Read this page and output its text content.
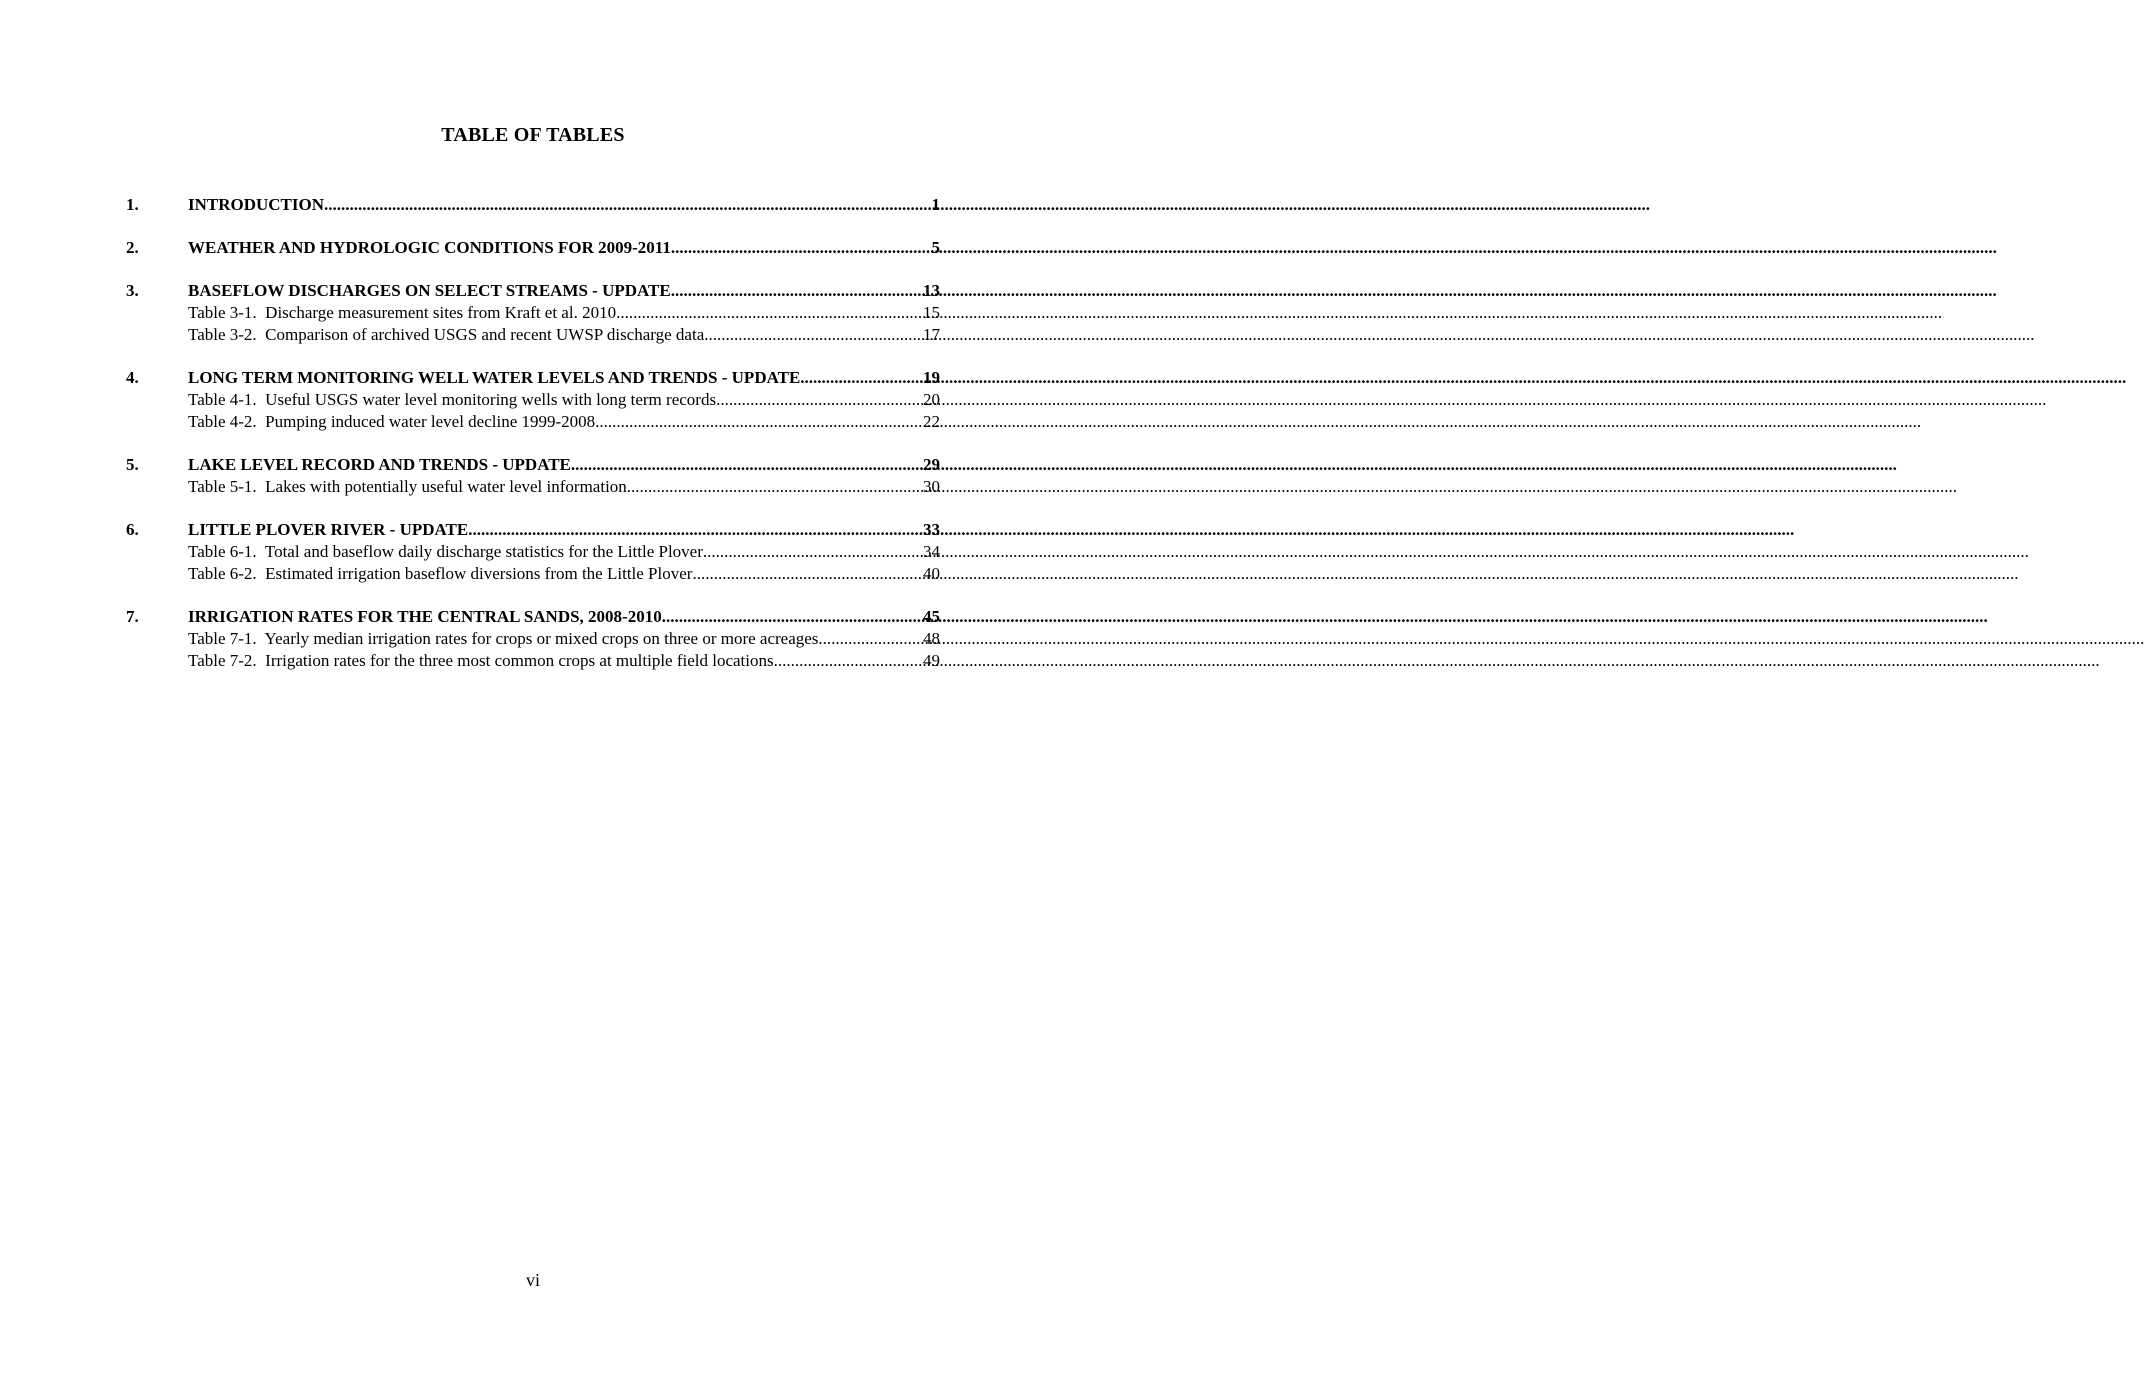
TABLE OF TABLES
1.	INTRODUCTION .....	1
2.	WEATHER AND HYDROLOGIC CONDITIONS FOR 2009-2011 .....	5
3.	BASEFLOW DISCHARGES ON SELECT STREAMS - UPDATE .....	13
Table 3-1.  Discharge measurement sites from Kraft et al. 2010 .....	15
Table 3-2.  Comparison of archived USGS and recent UWSP discharge data. .....	17
4.	LONG TERM MONITORING WELL WATER LEVELS AND TRENDS - UPDATE .....	19
Table 4-1.  Useful USGS water level monitoring wells with long term records. .....	20
Table 4-2.  Pumping induced water level decline 1999-2008 .....	22
5.	LAKE LEVEL RECORD AND TRENDS - UPDATE .....	29
Table 5-1.  Lakes with potentially useful water level information. .....	30
6.	LITTLE PLOVER RIVER - UPDATE .....	33
Table 6-1.  Total and baseflow daily discharge statistics for the Little Plover .....	34
Table 6-2.  Estimated irrigation baseflow diversions from the Little Plover .....	40
7.	IRRIGATION RATES FOR THE CENTRAL SANDS, 2008-2010 .....	45
Table 7-1.  Yearly median irrigation rates for crops or mixed crops on three or more acreages .....	48
Table 7-2.  Irrigation rates for the three most common crops at multiple field locations .....	49
vi
